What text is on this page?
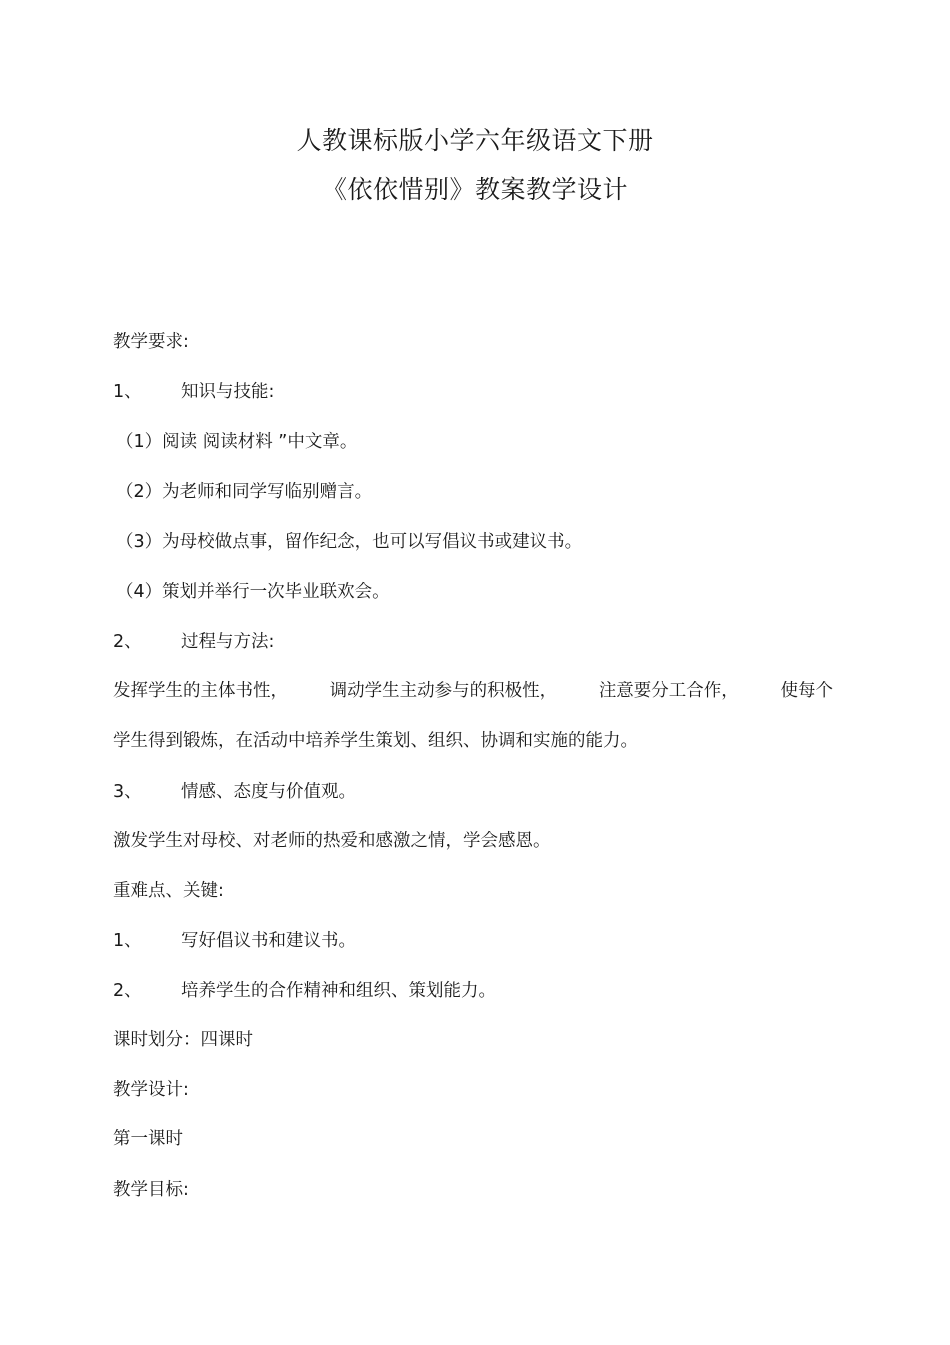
人教课标版小学六年级语文下册
《依依惜别》教案教学设计
教学要求:
1、 知识与技能:
（1）阅读 阅读材料 ”中文章。
（2）为老师和同学写临别赠言。
（3）为母校做点事，留作纪念，也可以写倡议书或建议书。
（4）策划并举行一次毕业联欢会。
2、 过程与方法:
发挥学生的主体书性， 调动学生主动参与的积极性， 注意要分工合作， 使每个
学生得到锻炼，在活动中培养学生策划、组织、协调和实施的能力。
3、 情感、态度与价值观。
激发学生对母校、对老师的热爱和感激之情，学会感恩。
重难点、关键:
1、 写好倡议书和建议书。
2、 培养学生的合作精神和组织、策划能力。
课时划分：四课时
教学设计:
第一课时
教学目标:
